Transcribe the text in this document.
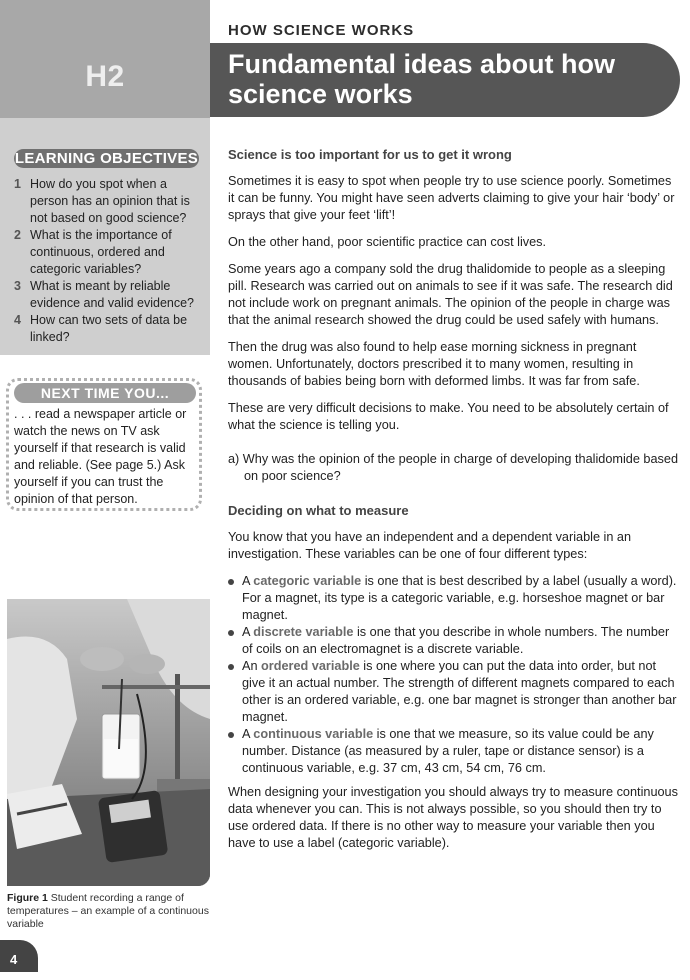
H2
HOW SCIENCE WORKS
Fundamental ideas about how science works
LEARNING OBJECTIVES
1 How do you spot when a person has an opinion that is not based on good science?
2 What is the importance of continuous, ordered and categoric variables?
3 What is meant by reliable evidence and valid evidence?
4 How can two sets of data be linked?
NEXT TIME YOU...
. . . read a newspaper article or watch the news on TV ask yourself if that research is valid and reliable. (See page 5.) Ask yourself if you can trust the opinion of that person.
Figure 1 Student recording a range of temperatures – an example of a continuous variable
4
Science is too important for us to get it wrong

Sometimes it is easy to spot when people try to use science poorly. Sometimes it can be funny. You might have seen adverts claiming to give your hair ‘body’ or sprays that give your feet ‘lift’!

On the other hand, poor scientific practice can cost lives.

Some years ago a company sold the drug thalidomide to people as a sleeping pill. Research was carried out on animals to see if it was safe. The research did not include work on pregnant animals. The opinion of the people in charge was that the animal research showed the drug could be used safely with humans.

Then the drug was also found to help ease morning sickness in pregnant women. Unfortunately, doctors prescribed it to many women, resulting in thousands of babies being born with deformed limbs. It was far from safe.

These are very difficult decisions to make. You need to be absolutely certain of what the science is telling you.

a) Why was the opinion of the people in charge of developing thalidomide based on poor science?

Deciding on what to measure

You know that you have an independent and a dependent variable in an investigation. These variables can be one of four different types:

A categoric variable is one that is best described by a label (usually a word). For a magnet, its type is a categoric variable, e.g. horseshoe magnet or bar magnet.
A discrete variable is one that you describe in whole numbers. The number of coils on an electromagnet is a discrete variable.
An ordered variable is one where you can put the data into order, but not give it an actual number. The strength of different magnets compared to each other is an ordered variable, e.g. one bar magnet is stronger than another bar magnet.
A continuous variable is one that we measure, so its value could be any number. Distance (as measured by a ruler, tape or distance sensor) is a continuous variable, e.g. 37 cm, 43 cm, 54 cm, 76 cm.

When designing your investigation you should always try to measure continuous data whenever you can. This is not always possible, so you should then try to use ordered data. If there is no other way to measure your variable then you have to use a label (categoric variable).
